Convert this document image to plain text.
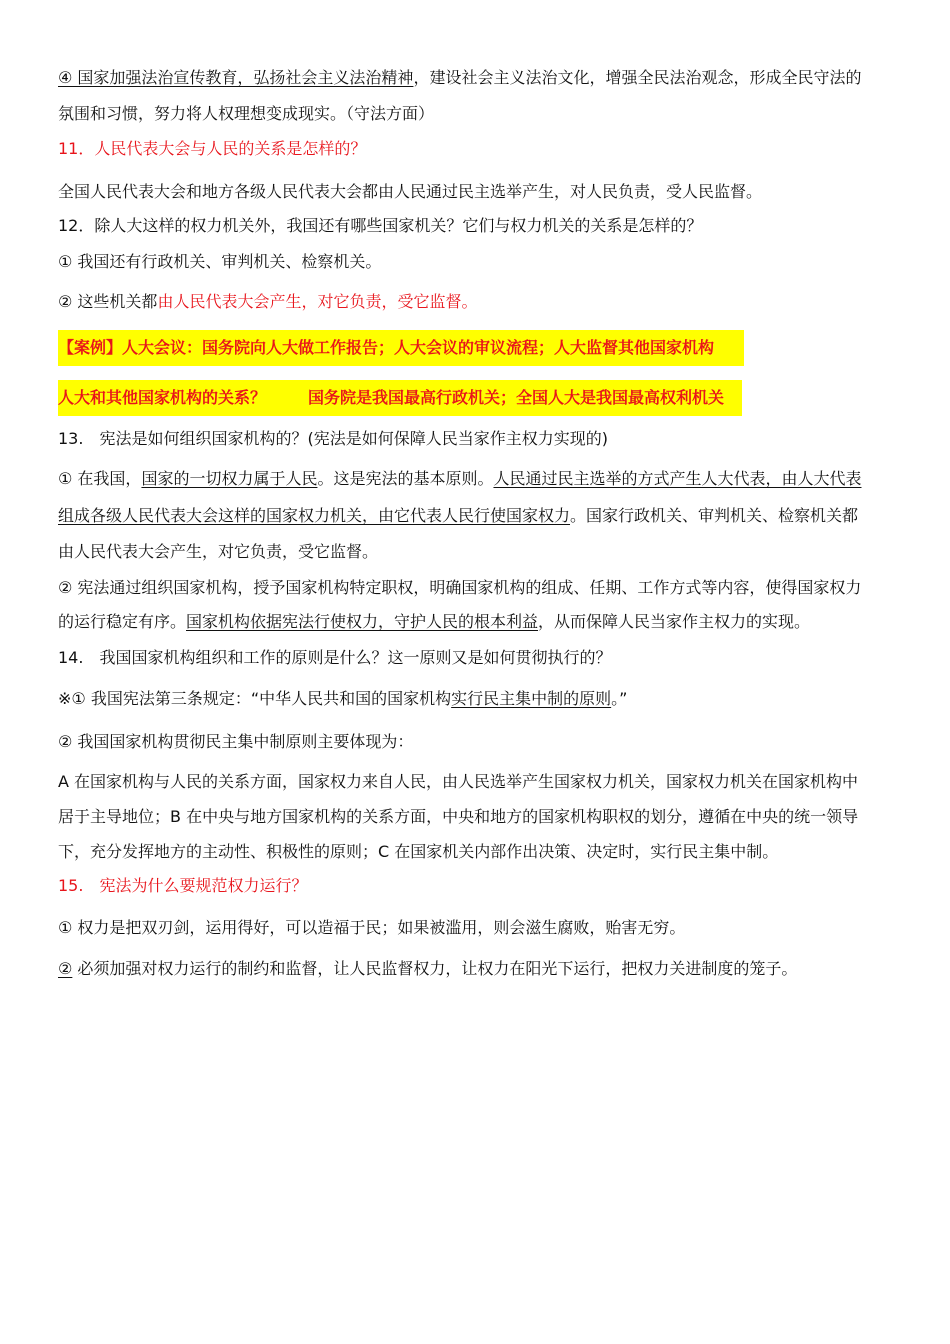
④ 国家加强法治宣传教育，弘扬社会主义法治精神，建设社会主义法治文化，增强全民法治观念，形成全民守法的
氛围和习惯，努力将人权理想变成现实。（守法方面）
11．人民代表大会与人民的关系是怎样的？
全国人民代表大会和地方各级人民代表大会都由人民通过民主选举产生，对人民负责，受人民监督。
12．除人大这样的权力机关外，我国还有哪些国家机关？它们与权力机关的关系是怎样的？
① 我国还有行政机关、审判机关、检察机关。
② 这些机关都由人民代表大会产生，对它负责，受它监督。
【案例】人大会议：国务院向人大做工作报告；人大会议的审议流程；人大监督其他国家机构
人大和其他国家机构的关系？	国务院是我国最高行政机关；全国人大是我国最高权利机关
13.　宪法是如何组织国家机构的？(宪法是如何保障人民当家作主权力实现的)
① 在我国，国家的一切权力属于人民。这是宪法的基本原则。人民通过民主选举的方式产生人大代表，由人大代表
组成各级人民代表大会这样的国家权力机关，由它代表人民行使国家权力。国家行政机关、审判机关、检察机关都
由人民代表大会产生，对它负责，受它监督。
② 宪法通过组织国家机构，授予国家机构特定职权，明确国家机构的组成、任期、工作方式等内容，使得国家权力
的运行稳定有序。国家机构依据宪法行使权力，守护人民的根本利益，从而保障人民当家作主权力的实现。
14.　我国国家机构组织和工作的原则是什么？这一原则又是如何贯彻执行的？
※① 我国宪法第三条规定：“中华人民共和国的国家机构实行民主集中制的原则。”
② 我国国家机构贯彻民主集中制原则主要体现为：
A 在国家机构与人民的关系方面，国家权力来自人民，由人民选举产生国家权力机关，国家权力机关在国家机构中
居于主导地位；B 在中央与地方国家机构的关系方面，中央和地方的国家机构职权的划分，遵循在中央的统一领导
下，充分发挥地方的主动性、积极性的原则；C 在国家机关内部作出决策、决定时，实行民主集中制。
15.　宪法为什么要规范权力运行？
① 权力是把双刃剑，运用得好，可以造福于民；如果被滥用，则会滋生腐败，贻害无穷。
② 必须加强对权力运行的制约和监督，让人民监督权力，让权力在阳光下运行，把权力关进制度的笼子。
